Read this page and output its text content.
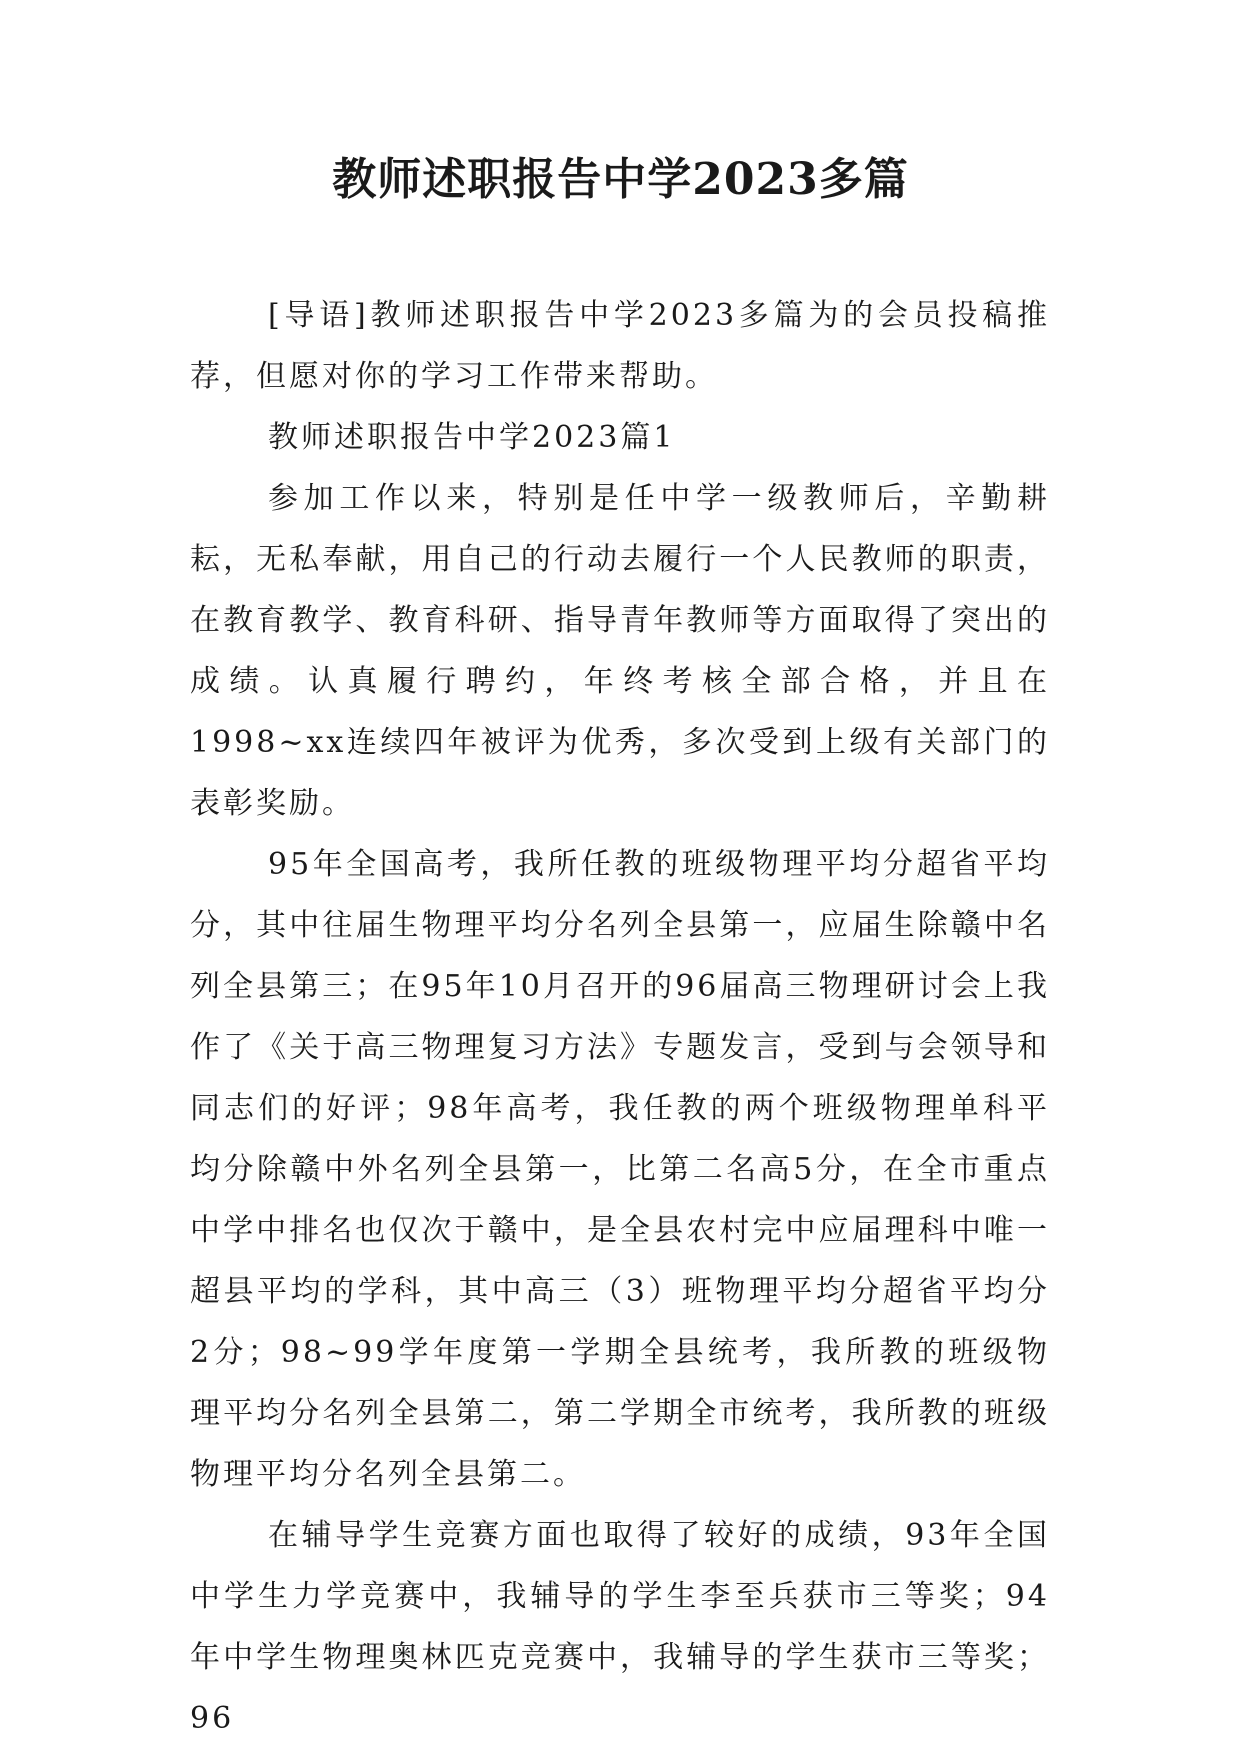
教师述职报告中学2023多篇

[导语]教师述职报告中学2023多篇为的会员投稿推荐，但愿对你的学习工作带来帮助。

教师述职报告中学2023篇1

参加工作以来，特别是任中学一级教师后，辛勤耕耘，无私奉献，用自己的行动去履行一个人民教师的职责，在教育教学、教育科研、指导青年教师等方面取得了突出的成绩。认真履行聘约，年终考核全部合格，并且在1998~xx连续四年被评为优秀，多次受到上级有关部门的表彰奖励。

95年全国高考，我所任教的班级物理平均分超省平均分，其中往届生物理平均分名列全县第一，应届生除赣中名列全县第三；在95年10月召开的96届高三物理研讨会上我作了《关于高三物理复习方法》专题发言，受到与会领导和同志们的好评；98年高考，我任教的两个班级物理单科平均分除赣中外名列全县第一，比第二名高5分，在全市重点中学中排名也仅次于赣中，是全县农村完中应届理科中唯一超县平均的学科，其中高三（3）班物理平均分超省平均分2分；98~99学年度第一学期全县统考，我所教的班级物理平均分名列全县第二，第二学期全市统考，我所教的班级物理平均分名列全县第二。

在辅导学生竞赛方面也取得了较好的成绩，93年全国中学生力学竞赛中，我辅导的学生李至兵获市三等奖；94年中学生物理奥林匹克竞赛中，我辅导的学生获市三等奖；96
